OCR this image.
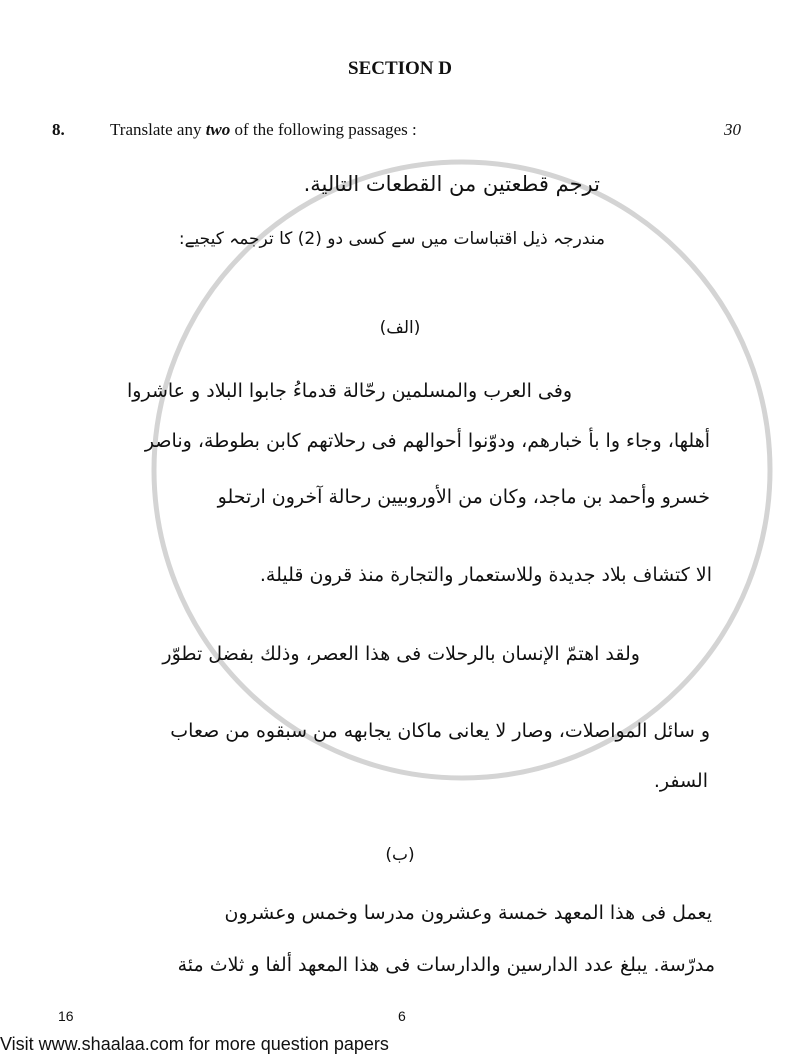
SECTION D
8.	Translate any two of the following passages :	30
ترجم قطعتين من القطعات التالية.
مندرجہ ذیل اقتباسات میں سے کسی دو (2) کا ترجمہ کیجیے:
(الف)
وفى العرب والمسلمين رحّالة قدماءُ جابوا البلاد و عاشروا
أهلها، وجاء وا بأ خبارهم، ودوّنوا أحوالهم فى رحلاتهم كابن بطوطة، وناصر
خسرو وأحمد بن ماجد، وكان من الأوروبيين رحالة آخرون ارتحلو
الا كتشاف بلاد جديدة وللاستعمار والتجارة منذ قرون قليلة.
ولقد اهتمّ الإنسان بالرحلات فى هذا العصر، وذلك بفضل تطوّر
و سائل المواصلات، وصار لا يعانى ماكان يجابهه من سبقوه من صعاب
السفر.
(ب)
يعمل فى هذا المعهد خمسة وعشرون مدرسا وخمس وعشرون
مدرّسة. يبلغ عدد الدارسين والدارسات فى هذا المعهد ألفا و ثلاث مئة
16	6
Visit www.shaalaa.com for more question papers
